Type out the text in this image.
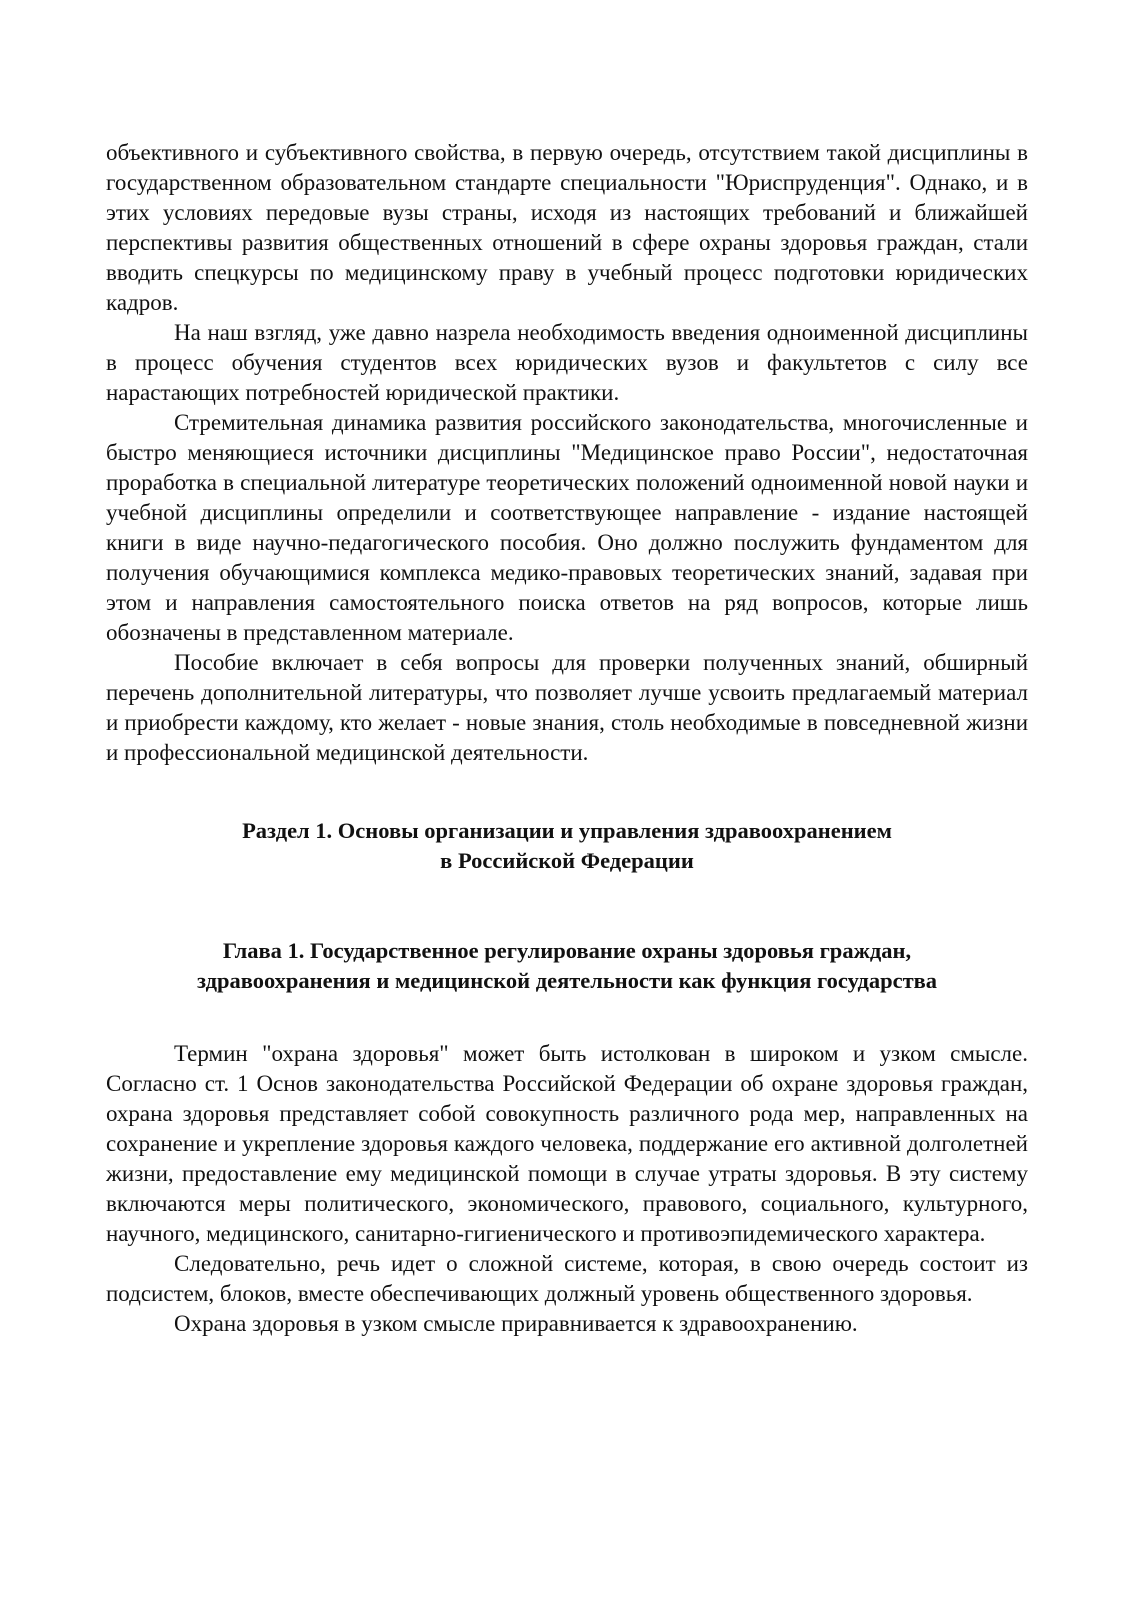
объективного и субъективного свойства, в первую очередь, отсутствием такой дисциплины в государственном образовательном стандарте специальности "Юриспруденция". Однако, и в этих условиях передовые вузы страны, исходя из настоящих требований и ближайшей перспективы развития общественных отношений в сфере охраны здоровья граждан, стали вводить спецкурсы по медицинскому праву в учебный процесс подготовки юридических кадров.

На наш взгляд, уже давно назрела необходимость введения одноименной дисциплины в процесс обучения студентов всех юридических вузов и факультетов с силу все нарастающих потребностей юридической практики.

Стремительная динамика развития российского законодательства, многочисленные и быстро меняющиеся источники дисциплины "Медицинское право России", недостаточная проработка в специальной литературе теоретических положений одноименной новой науки и учебной дисциплины определили и соответствующее направление - издание настоящей книги в виде научно-педагогического пособия. Оно должно послужить фундаментом для получения обучающимися комплекса медико-правовых теоретических знаний, задавая при этом и направления самостоятельного поиска ответов на ряд вопросов, которые лишь обозначены в представленном материале.

Пособие включает в себя вопросы для проверки полученных знаний, обширный перечень дополнительной литературы, что позволяет лучше усвоить предлагаемый материал и приобрести каждому, кто желает - новые знания, столь необходимые в повседневной жизни и профессиональной медицинской деятельности.

Раздел 1. Основы организации и управления здравоохранением
в Российской Федерации
Глава 1. Государственное регулирование охраны здоровья граждан,
здравоохранения и медицинской деятельности как функция государства

Термин "охрана здоровья" может быть истолкован в широком и узком смысле. Согласно ст. 1 Основ законодательства Российской Федерации об охране здоровья граждан, охрана здоровья представляет собой совокупность различного рода мер, направленных на сохранение и укрепление здоровья каждого человека, поддержание его активной долголетней жизни, предоставление ему медицинской помощи в случае утраты здоровья. В эту систему включаются меры политического, экономического, правового, социального, культурного, научного, медицинского, санитарно-гигиенического и противоэпидемического характера.

Следовательно, речь идет о сложной системе, которая, в свою очередь состоит из подсистем, блоков, вместе обеспечивающих должный уровень общественного здоровья.

Охрана здоровья в узком смысле приравнивается к здравоохранению.
